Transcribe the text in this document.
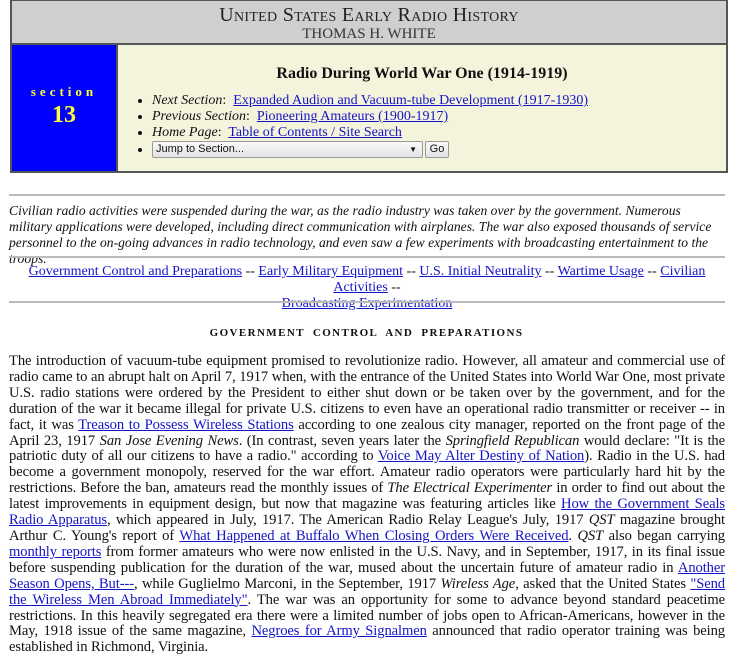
United States Early Radio History
THOMAS H. WHITE
section
13
Radio During World War One (1914-1919)
• Next Section:  Expanded Audion and Vacuum-tube Development (1917-1930)
• Previous Section:  Pioneering Amateurs (1900-1917)
• Home Page:  Table of Contents / Site Search
• Jump to Section...	▼ Go
Civilian radio activities were suspended during the war, as the radio industry was taken over by the government. Numerous military applications were developed, including direct communication with airplanes. The war also exposed thousands of service personnel to the on-going advances in radio technology, and even saw a few experiments with broadcasting entertainment to the troops.
Government Control and Preparations -- Early Military Equipment -- U.S. Initial Neutrality -- Wartime Usage -- Civilian Activities --
Broadcasting Experimentation
GOVERNMENT CONTROL AND PREPARATIONS
The introduction of vacuum-tube equipment promised to revolutionize radio. However, all amateur and commercial use of radio came to an abrupt halt on April 7, 1917 when, with the entrance of the United States into World War One, most private U.S. radio stations were ordered by the President to either shut down or be taken over by the government, and for the duration of the war it became illegal for private U.S. citizens to even have an operational radio transmitter or receiver -- in fact, it was Treason to Possess Wireless Stations according to one zealous city manager, reported on the front page of the April 23, 1917 San Jose Evening News. (In contrast, seven years later the Springfield Republican would declare: "It is the patriotic duty of all our citizens to have a radio." according to Voice May Alter Destiny of Nation). Radio in the U.S. had become a government monopoly, reserved for the war effort. Amateur radio operators were particularly hard hit by the restrictions. Before the ban, amateurs read the monthly issues of The Electrical Experimenter in order to find out about the latest improvements in equipment design, but now that magazine was featuring articles like How the Government Seals Radio Apparatus, which appeared in July, 1917. The American Radio Relay League's July, 1917 QST magazine brought Arthur C. Young's report of What Happened at Buffalo When Closing Orders Were Received. QST also began carrying monthly reports from former amateurs who were now enlisted in the U.S. Navy, and in September, 1917, in its final issue before suspending publication for the duration of the war, mused about the uncertain future of amateur radio in Another Season Opens, But---, while Guglielmo Marconi, in the September, 1917 Wireless Age, asked that the United States "Send the Wireless Men Abroad Immediately". The war was an opportunity for some to advance beyond standard peacetime restrictions. In this heavily segregated era there were a limited number of jobs open to African-Americans, however in the May, 1918 issue of the same magazine, Negroes for Army Signalmen announced that radio operator training was being established in Richmond, Virginia.
